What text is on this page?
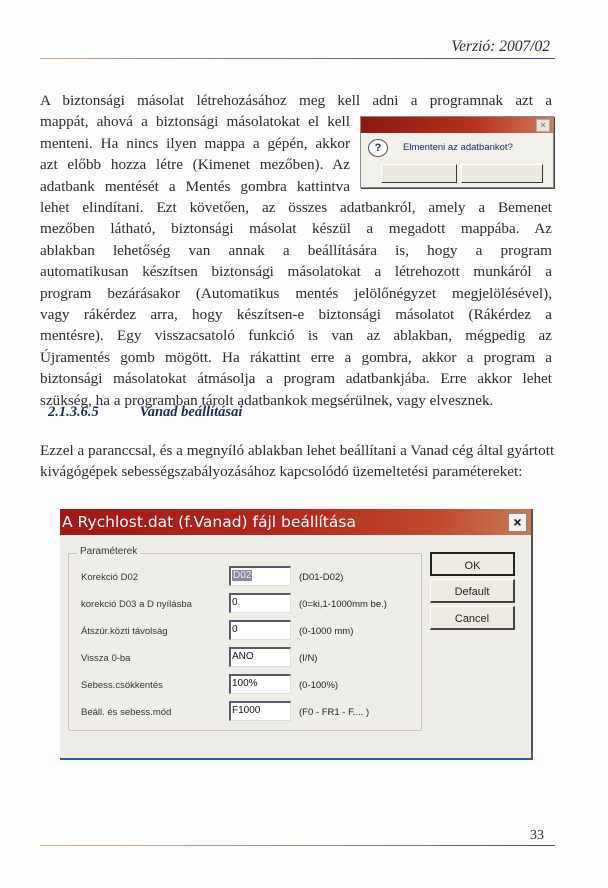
Verzió: 2007/02
A biztonsági másolat létrehozásához meg kell adni a programnak azt a
mappát, ahová a biztonsági másolatokat el kell
menteni. Ha nincs ilyen mappa a gépén, akkor
azt előbb hozza létre (Kimenet mezőben). Az
adatbank mentését a Mentés gombra kattintva
lehet elindítani. Ezt követően, az összes adatbankról, amely a Bemenet
mezőben látható, biztonsági másolat készül a megadott mappába. Az
ablakban lehetőség van annak a beállítására is, hogy a program
automatikusan készítsen biztonsági másolatokat a létrehozott munkáról a
program bezárásakor (Automatikus mentés jelölőnégyzet megjelölésével),
vagy rákérdez arra, hogy készítsen-e biztonsági másolatot (Rákérdez a
mentésre). Egy visszacsatoló funkció is van az ablakban, mégpedig az
Újramentés gomb mögött. Ha rákattint erre a gombra, akkor a program a
biztonsági másolatokat átmásolja a program adatbankjába. Erre akkor lehet
szükség, ha a programban tárolt adatbankok megsérülnek, vagy elvesznek.
×
?	Elmenteni az adatbankot?
2.1.3.6.5	Vanad beállításai
Ezzel a paranccsal, és a megnyíló ablakban lehet beállítani a Vanad cég által gyártott kivágógépek sebességszabályozásához kapcsolódó üzemeltetési paramétereket:
A Rychlost.dat (f.Vanad) fájl beállítása	×
Paraméterek
Korekció D02	D02	(D01-D02)
korekció D03 a D nyílásba	0	(0=ki,1-1000mm be.)
Átszúr.közti távolság	0	(0-1000 mm)
Vissza 0-ba	ANO	(I/N)
Sebess.csökkentés	100%	(0-100%)
Beáll. és sebess.mód	F1000	(F0 - FR1 - F.... )
OK
Default
Cancel
33
